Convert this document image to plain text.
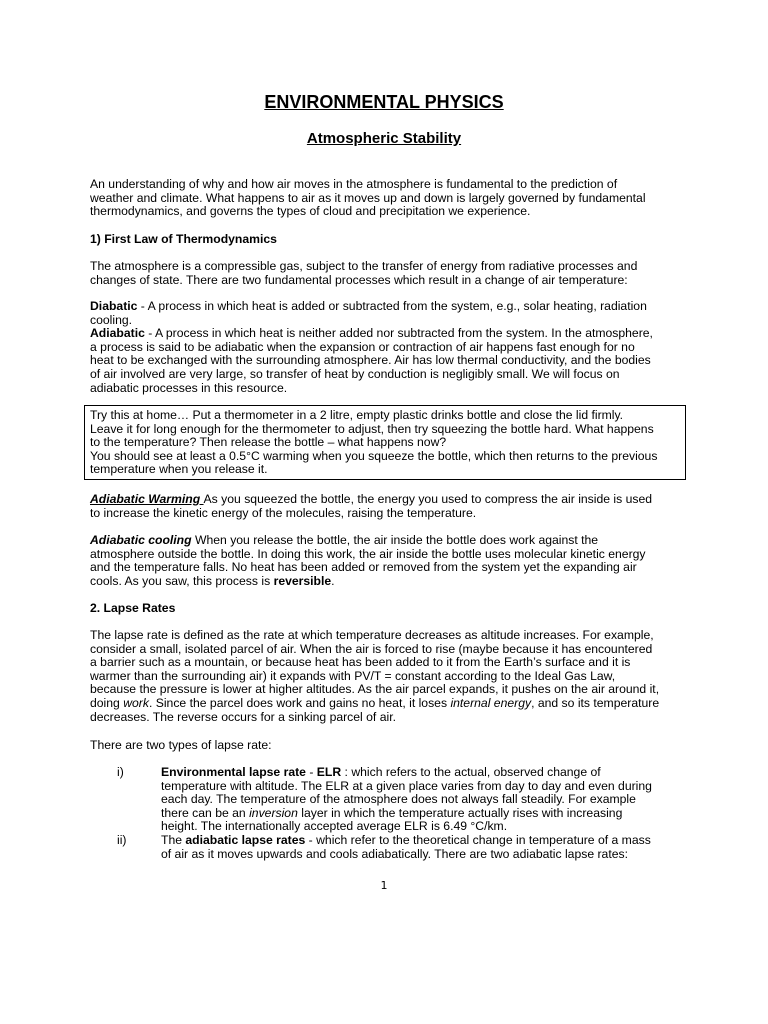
ENVIRONMENTAL PHYSICS
Atmospheric Stability
An understanding of why and how air moves in the atmosphere is fundamental to the prediction of
weather and climate. What happens to air as it moves up and down is largely governed by fundamental
thermodynamics, and governs the types of cloud and precipitation we experience.
1) First Law of Thermodynamics
The atmosphere is a compressible gas, subject to the transfer of energy from radiative processes and
changes of state. There are two fundamental processes which result in a change of air temperature:
Diabatic - A process in which heat is added or subtracted from the system, e.g., solar heating, radiation
cooling.
Adiabatic - A process in which heat is neither added nor subtracted from the system. In the atmosphere,
a process is said to be adiabatic when the expansion or contraction of air happens fast enough for no
heat to be exchanged with the surrounding atmosphere. Air has low thermal conductivity, and the bodies
of air involved are very large, so transfer of heat by conduction is negligibly small. We will focus on
adiabatic processes in this resource.
Try this at home… Put a thermometer in a 2 litre, empty plastic drinks bottle and close the lid firmly.
Leave it for long enough for the thermometer to adjust, then try squeezing the bottle hard. What happens
to the temperature? Then release the bottle – what happens now?
You should see at least a 0.5°C warming when you squeeze the bottle, which then returns to the previous
temperature when you release it.
Adiabatic Warming As you squeezed the bottle, the energy you used to compress the air inside is used
to increase the kinetic energy of the molecules, raising the temperature.
Adiabatic cooling When you release the bottle, the air inside the bottle does work against the
atmosphere outside the bottle. In doing this work, the air inside the bottle uses molecular kinetic energy
and the temperature falls. No heat has been added or removed from the system yet the expanding air
cools. As you saw, this process is reversible.
2. Lapse Rates
The lapse rate is defined as the rate at which temperature decreases as altitude increases. For example,
consider a small, isolated parcel of air. When the air is forced to rise (maybe because it has encountered
a barrier such as a mountain, or because heat has been added to it from the Earth’s surface and it is
warmer than the surrounding air) it expands with PV/T = constant according to the Ideal Gas Law,
because the pressure is lower at higher altitudes. As the air parcel expands, it pushes on the air around it,
doing work. Since the parcel does work and gains no heat, it loses internal energy, and so its temperature
decreases. The reverse occurs for a sinking parcel of air.
There are two types of lapse rate:
i)	Environmental lapse rate - ELR : which refers to the actual, observed change of
temperature with altitude. The ELR at a given place varies from day to day and even during
each day. The temperature of the atmosphere does not always fall steadily. For example
there can be an inversion layer in which the temperature actually rises with increasing
height. The internationally accepted average ELR is 6.49 °C/km.
ii)	The adiabatic lapse rates - which refer to the theoretical change in temperature of a mass
of air as it moves upwards and cools adiabatically. There are two adiabatic lapse rates:
1
